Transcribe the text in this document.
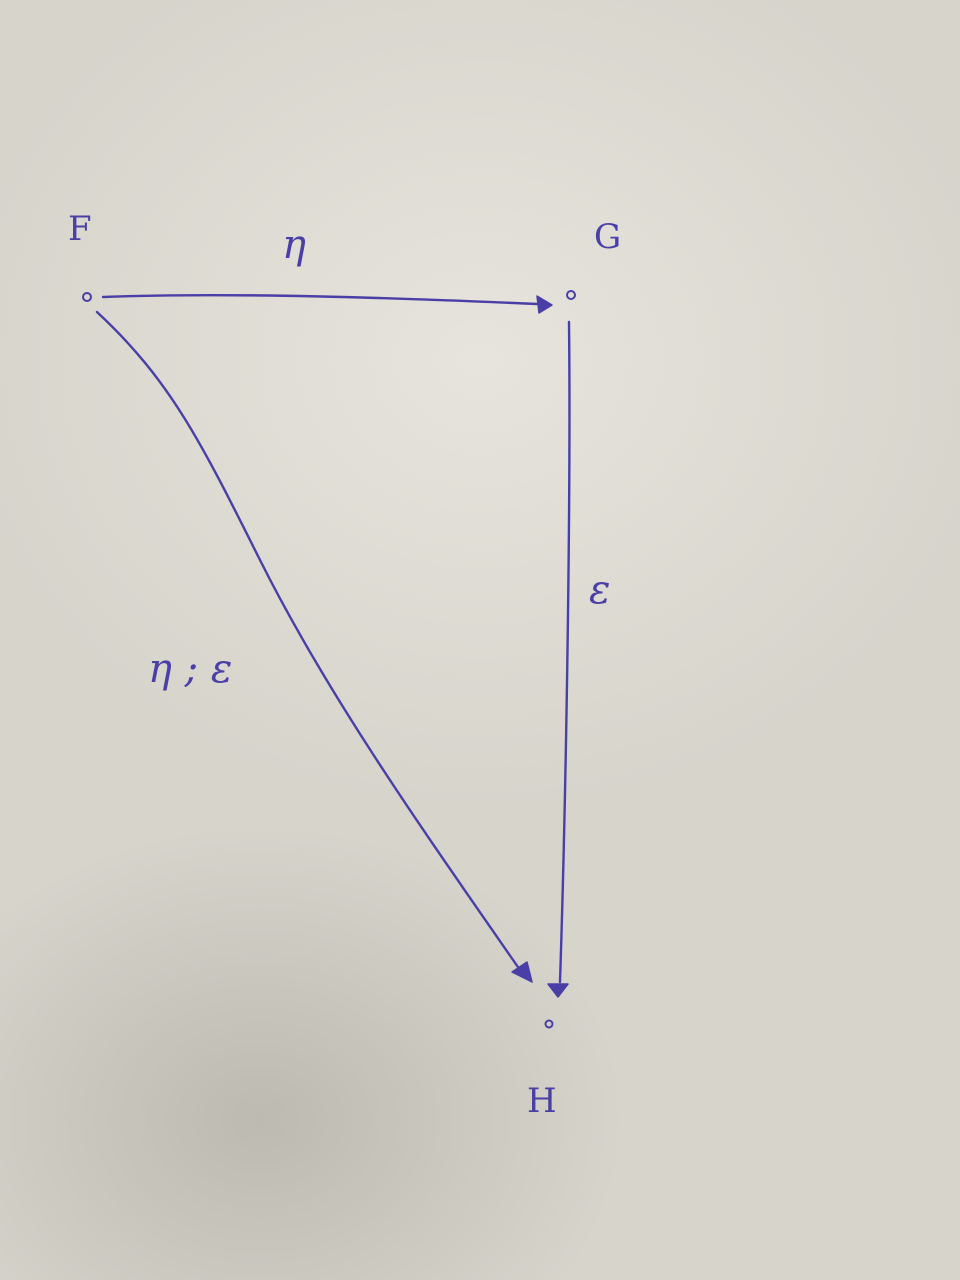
F	G
H
η
ε
η ; ε
